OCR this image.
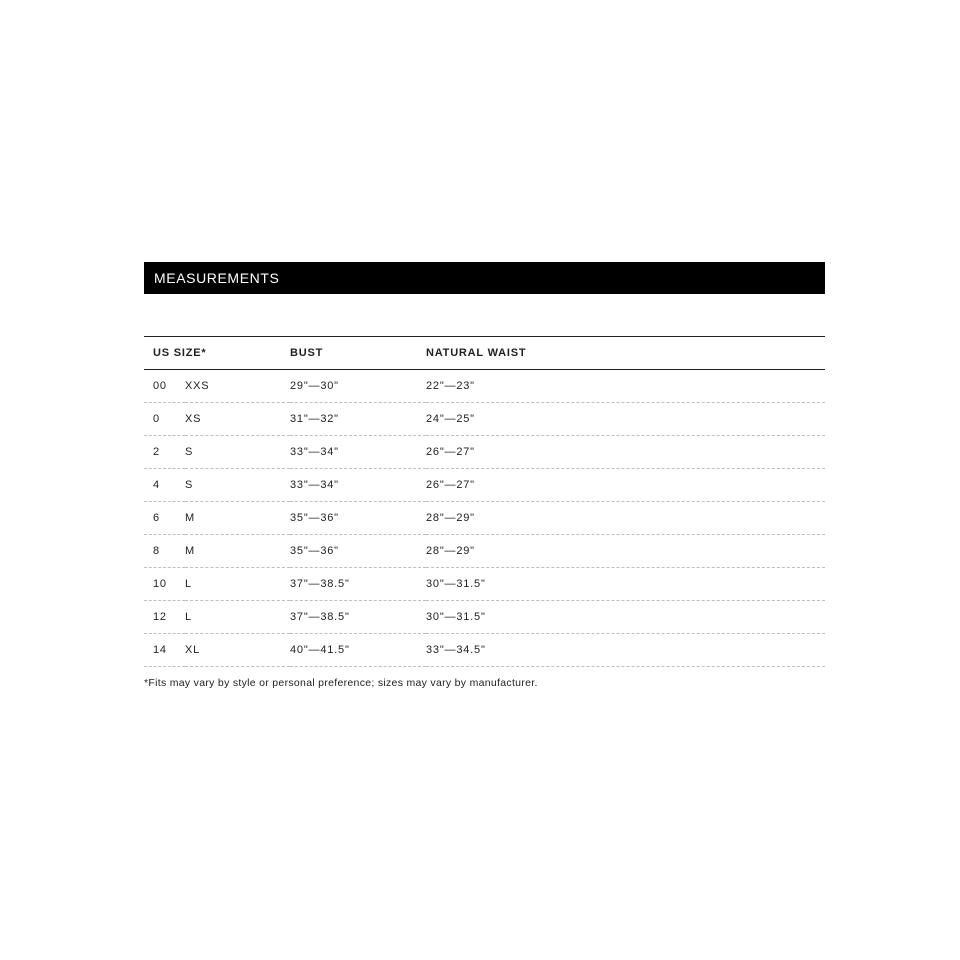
MEASUREMENTS
US SIZE*		BUST	NATURAL WAIST
00	XXS	29"—30"	22"—23"
0	XS	31"—32"	24"—25"
2	S	33"—34"	26"—27"
4	S	33"—34"	26"—27"
6	M	35"—36"	28"—29"
8	M	35"—36"	28"—29"
10	L	37"—38.5"	30"—31.5"
12	L	37"—38.5"	30"—31.5"
14	XL	40"—41.5"	33"—34.5"
*Fits may vary by style or personal preference; sizes may vary by manufacturer.
